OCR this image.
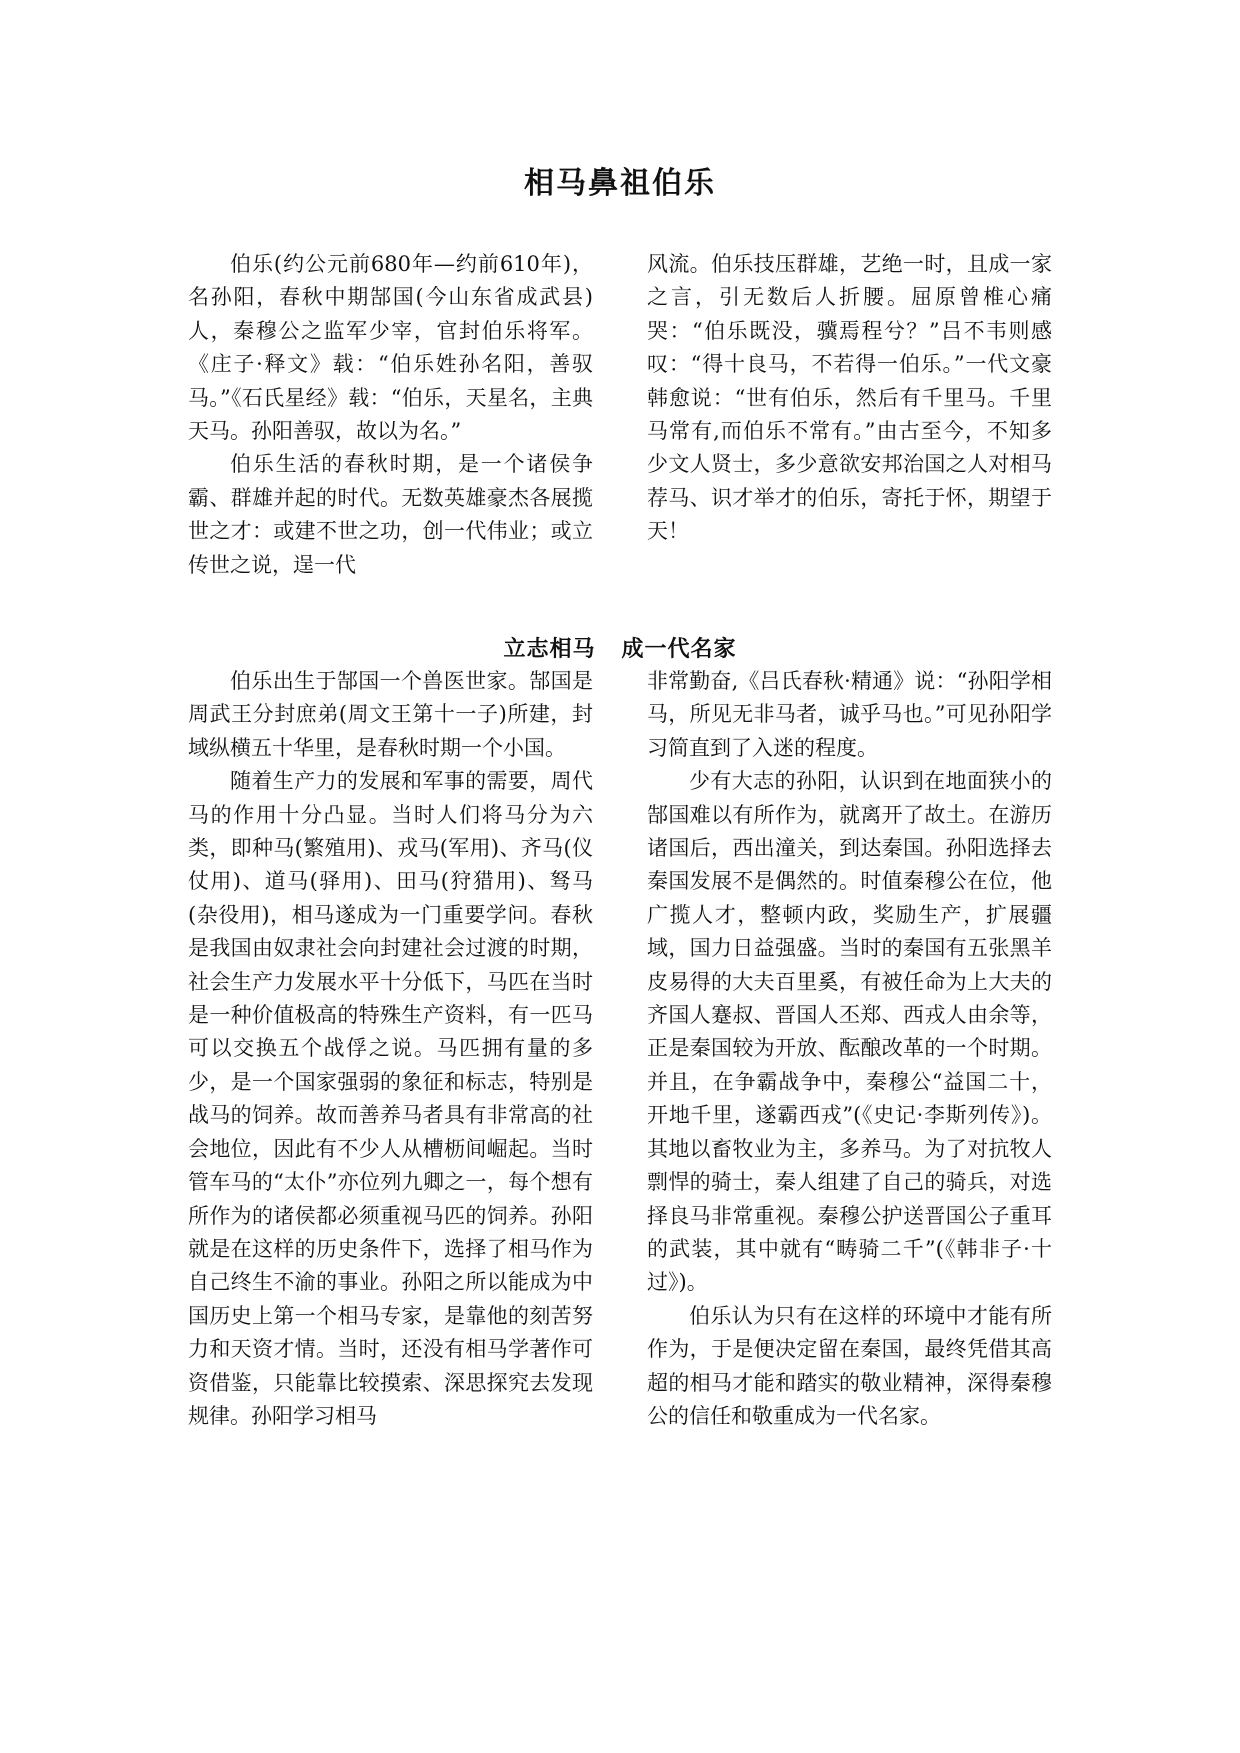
相马鼻祖伯乐

伯乐(约公元前680年—约前610年)，名孙阳，春秋中期郜国(今山东省成武县)人，秦穆公之监军少宰，官封伯乐将军。《庄子·释文》载：“伯乐姓孙名阳，善驭马。”《石氏星经》载：“伯乐，天星名，主典天马。孙阳善驭，故以为名。”

伯乐生活的春秋时期，是一个诸侯争霸、群雄并起的时代。无数英雄豪杰各展揽世之才：或建不世之功，创一代伟业；或立传世之说，逞一代

风流。伯乐技压群雄，艺绝一时，且成一家之言，引无数后人折腰。屈原曾椎心痛哭：“伯乐既没，骥焉程兮？”吕不韦则感叹：“得十良马，不若得一伯乐。”一代文豪韩愈说：“世有伯乐，然后有千里马。千里马常有,而伯乐不常有。”由古至今，不知多少文人贤士，多少意欲安邦治国之人对相马荐马、识才举才的伯乐，寄托于怀，期望于天！

立志相马 成一代名家

伯乐出生于郜国一个兽医世家。郜国是周武王分封庶弟(周文王第十一子)所建，封域纵横五十华里，是春秋时期一个小国。

随着生产力的发展和军事的需要，周代马的作用十分凸显。当时人们将马分为六类，即种马(繁殖用)、戎马(军用)、齐马(仪仗用)、道马(驿用)、田马(狩猎用)、驽马(杂役用)，相马遂成为一门重要学问。春秋是我国由奴隶社会向封建社会过渡的时期，社会生产力发展水平十分低下，马匹在当时是一种价值极高的特殊生产资料，有一匹马可以交换五个战俘之说。马匹拥有量的多少，是一个国家强弱的象征和标志，特别是战马的饲养。故而善养马者具有非常高的社会地位，因此有不少人从槽枥间崛起。当时管车马的“太仆”亦位列九卿之一，每个想有所作为的诸侯都必须重视马匹的饲养。孙阳就是在这样的历史条件下，选择了相马作为自己终生不渝的事业。孙阳之所以能成为中国历史上第一个相马专家，是靠他的刻苦努力和天资才情。当时，还没有相马学著作可资借鉴，只能靠比较摸索、深思探究去发现规律。孙阳学习相马

非常勤奋,《吕氏春秋·精通》说：“孙阳学相马，所见无非马者，诚乎马也。”可见孙阳学习简直到了入迷的程度。

少有大志的孙阳，认识到在地面狭小的郜国难以有所作为，就离开了故土。在游历诸国后，西出潼关，到达秦国。孙阳选择去秦国发展不是偶然的。时值秦穆公在位，他广揽人才，整顿内政，奖励生产，扩展疆域，国力日益强盛。当时的秦国有五张黑羊皮易得的大夫百里奚，有被任命为上大夫的齐国人蹇叔、晋国人丕郑、西戎人由余等，正是秦国较为开放、酝酿改革的一个时期。并且，在争霸战争中，秦穆公“益国二十，开地千里，遂霸西戎”(《史记·李斯列传》)。其地以畜牧业为主，多养马。为了对抗牧人剽悍的骑士，秦人组建了自己的骑兵，对选择良马非常重视。秦穆公护送晋国公子重耳的武装，其中就有“畴骑二千”(《韩非子·十过》)。

伯乐认为只有在这样的环境中才能有所作为，于是便决定留在秦国，最终凭借其高超的相马才能和踏实的敬业精神，深得秦穆公的信任和敬重成为一代名家。
